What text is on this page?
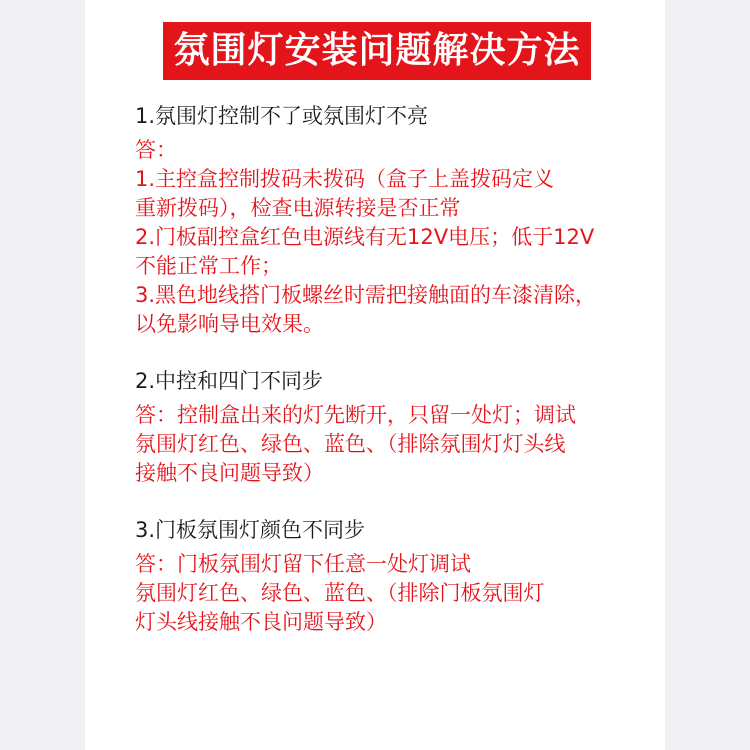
氛围灯安装问题解决方法
1.氛围灯控制不了或氛围灯不亮
答：
1.主控盒控制拨码未拨码（盒子上盖拨码定义
重新拨码），检查电源转接是否正常
2.门板副控盒红色电源线有无12V电压；低于12V
不能正常工作；
3.黑色地线搭门板螺丝时需把接触面的车漆清除，
以免影响导电效果。
2.中控和四门不同步
答：控制盒出来的灯先断开，只留一处灯；调试
氛围灯红色、绿色、蓝色、（排除氛围灯灯头线
接触不良问题导致）
3.门板氛围灯颜色不同步
答：门板氛围灯留下任意一处灯调试
氛围灯红色、绿色、蓝色、（排除门板氛围灯
灯头线接触不良问题导致）
